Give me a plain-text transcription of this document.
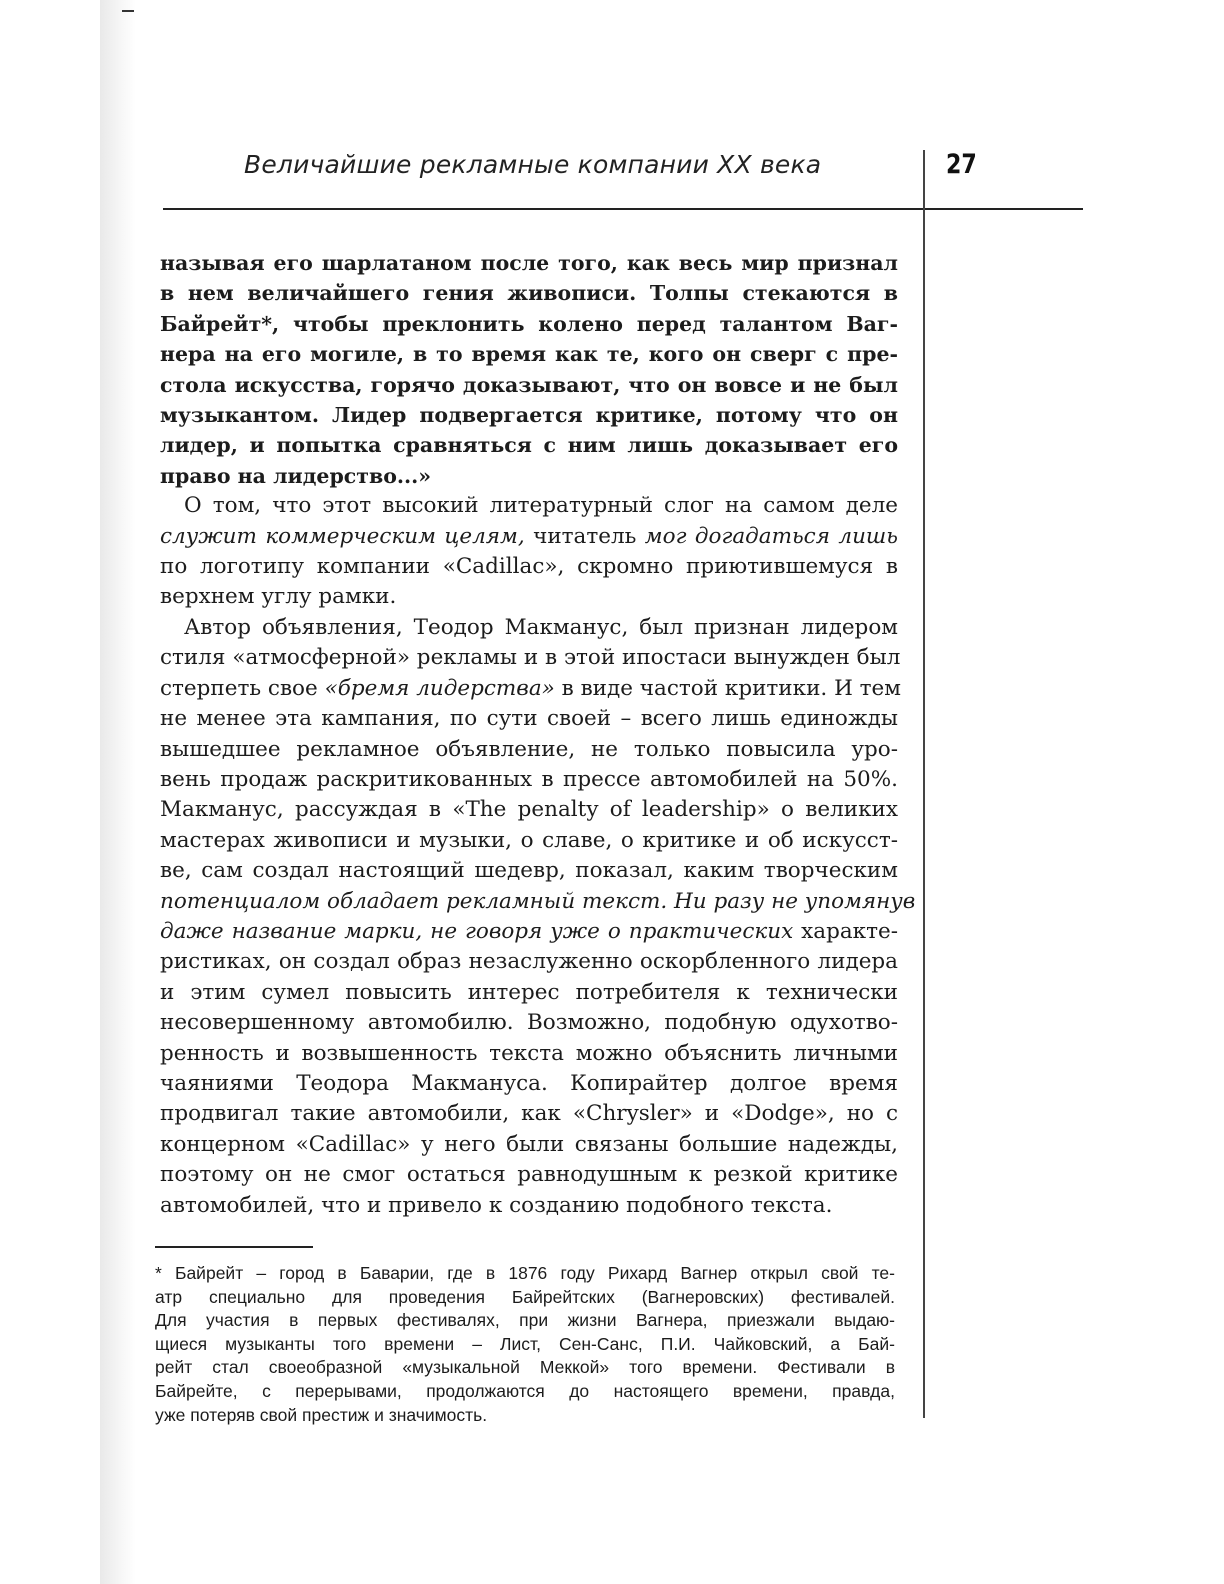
Величайшие рекламные компании XX века	27
называя его шарлатаном после того, как весь мир признал
в нем величайшего гения живописи. Толпы стекаются в
Байрейт*, чтобы преклонить колено перед талантом Ваг-
нера на его могиле, в то время как те, кого он сверг с пре-
стола искусства, горячо доказывают, что он вовсе и не был
музыкантом. Лидер подвергается критике, потому что он
лидер, и попытка сравняться с ним лишь доказывает его
право на лидерство...»
О том, что этот высокий литературный слог на самом деле
служит коммерческим целям, читатель мог догадаться лишь
по логотипу компании «Cadillac», скромно приютившемуся в
верхнем углу рамки.
Автор объявления, Теодор Макманус, был признан лидером
стиля «атмосферной» рекламы и в этой ипостаси вынужден был
стерпеть свое «бремя лидерства» в виде частой критики. И тем
не менее эта кампания, по сути своей – всего лишь единожды
вышедшее рекламное объявление, не только повысила уро-
вень продаж раскритикованных в прессе автомобилей на 50%.
Макманус, рассуждая в «The penalty of leadership» о великих
мастерах живописи и музыки, о славе, о критике и об искусст-
ве, сам создал настоящий шедевр, показал, каким творческим
потенциалом обладает рекламный текст. Ни разу не упомянув
даже название марки, не говоря уже о практических характе-
ристиках, он создал образ незаслуженно оскорбленного лидера
и этим сумел повысить интерес потребителя к технически
несовершенному автомобилю. Возможно, подобную одухотво-
ренность и возвышенность текста можно объяснить личными
чаяниями Теодора Макмануса. Копирайтер долгое время
продвигал такие автомобили, как «Chrysler» и «Dodge», но с
концерном «Cadillac» у него были связаны большие надежды,
поэтому он не смог остаться равнодушным к резкой критике
автомобилей, что и привело к созданию подобного текста.
* Байрейт – город в Баварии, где в 1876 году Рихард Вагнер открыл свой те-
атр специально для проведения Байрейтских (Вагнеровских) фестивалей.
Для участия в первых фестивалях, при жизни Вагнера, приезжали выдаю-
щиеся музыканты того времени – Лист, Сен-Санс, П.И. Чайковский, а Бай-
рейт стал своеобразной «музыкальной Меккой» того времени. Фестивали в
Байрейте, с перерывами, продолжаются до настоящего времени, правда,
уже потеряв свой престиж и значимость.
